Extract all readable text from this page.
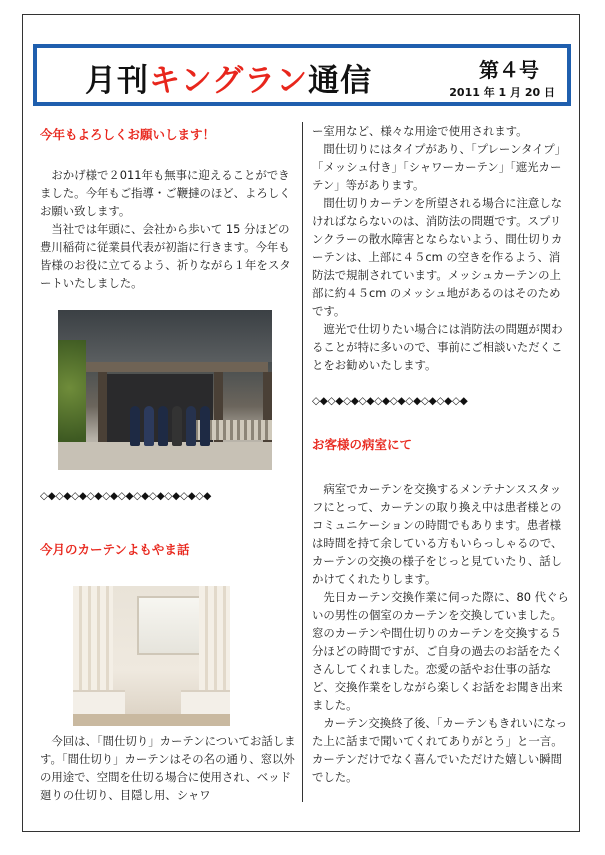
月刊キングラン通信	第４号
2011 年 1 月 20 日

今年もよろしくお願いします！

おかげ様で２011年も無事に迎えることができました。今年もご指導・ご鞭撻のほど、よろしくお願い致します。

当社では年頭に、会社から歩いて 15 分ほどの豊川稲荷に従業員代表が初詣に行きます。今年も皆様のお役に立てるよう、祈りながら１年をスタートいたしました。

◇◆◇◆◇◆◇◆◇◆◇◆◇◆◇◆◇◆◇◆◇◆
今月のカーテンよもやま話

今回は、「間仕切り」カーテンについてお話します。｢間仕切り」カーテンはその名の通り、窓以外の用途で、空間を仕切る場合に使用され、ベッド廻りの仕切り、目隠し用、シャワ

ー室用など、様々な用途で使用されます。

間仕切りにはタイプがあり、「プレーンタイプ」「メッシュ付き」「シャワーカーテン」「遮光カーテン」等があります。

間仕切りカーテンを所望される場合に注意しなければならないのは、消防法の問題です。スプリンクラーの散水障害とならないよう、間仕切りカーテンは、上部に４５cm の空きを作るよう、消防法で規制されています。メッシュカーテンの上部に約４５cm のメッシュ地があるのはそのためです。

遮光で仕切りたい場合には消防法の問題が関わることが特に多いので、事前にご相談いただくことをお勧めいたします。

◇◆◇◆◇◆◇◆◇◆◇◆◇◆◇◆◇◆◇◆

お客様の病室にて

病室でカーテンを交換するメンテナンススタッフにとって、カーテンの取り換え中は患者様とのコミュニケーションの時間でもあります。患者様は時間を持て余している方もいらっしゃるので、カーテンの交換の様子をじっと見ていたり、話しかけてくれたりします。

先日カーテン交換作業に伺った際に、80 代ぐらいの男性の個室のカーテンを交換していました。窓のカーテンや間仕切りのカーテンを交換する５分ほどの時間ですが、ご自身の過去のお話をたくさんしてくれました。恋愛の話やお仕事の話など、交換作業をしながら楽しくお話をお聞き出来ました。

カーテン交換終了後、「カーテンもきれいになった上に話まで聞いてくれてありがとう」と一言。カーテンだけでなく喜んでいただけた嬉しい瞬間でした。
